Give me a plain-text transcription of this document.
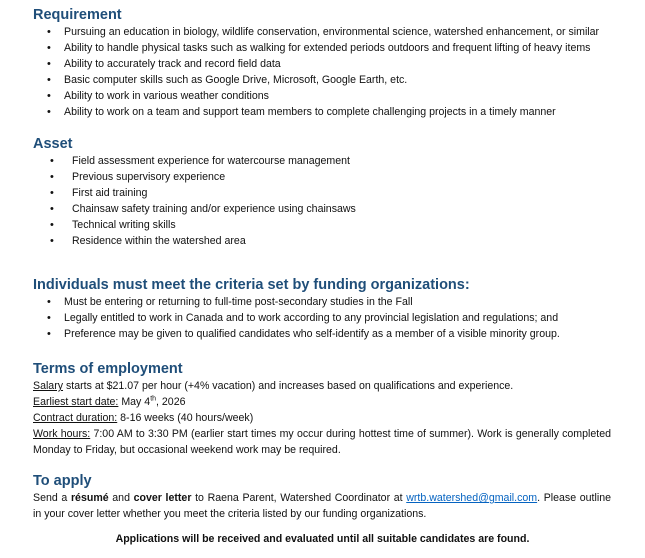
Requirement
• Pursuing an education in biology, wildlife conservation, environmental science, watershed enhancement, or similar
• Ability to handle physical tasks such as walking for extended periods outdoors and frequent lifting of heavy items
• Ability to accurately track and record field data
• Basic computer skills such as Google Drive, Microsoft, Google Earth, etc.
• Ability to work in various weather conditions
• Ability to work on a team and support team members to complete challenging projects in a timely manner
Asset
• Field assessment experience for watercourse management
• Previous supervisory experience
• First aid training
• Chainsaw safety training and/or experience using chainsaws
• Technical writing skills
• Residence within the watershed area
Individuals must meet the criteria set by funding organizations:
• Must be entering or returning to full-time post-secondary studies in the Fall
• Legally entitled to work in Canada and to work according to any provincial legislation and regulations; and
• Preference may be given to qualified candidates who self-identify as a member of a visible minority group.
Terms of employment

Salary starts at $21.07 per hour (+4% vacation) and increases based on qualifications and experience.

Earliest start date: May 4th, 2026

Contract duration: 8-16 weeks (40 hours/week)

Work hours: 7:00 AM to 3:30 PM (earlier start times my occur during hottest time of summer). Work is generally completed Monday to Friday, but occasional weekend work may be required.

To apply

Send a résumé and cover letter to Raena Parent, Watershed Coordinator at wrtb.watershed@gmail.com. Please outline in your cover letter whether you meet the criteria listed by our funding organizations.

Applications will be received and evaluated until all suitable candidates are found.
